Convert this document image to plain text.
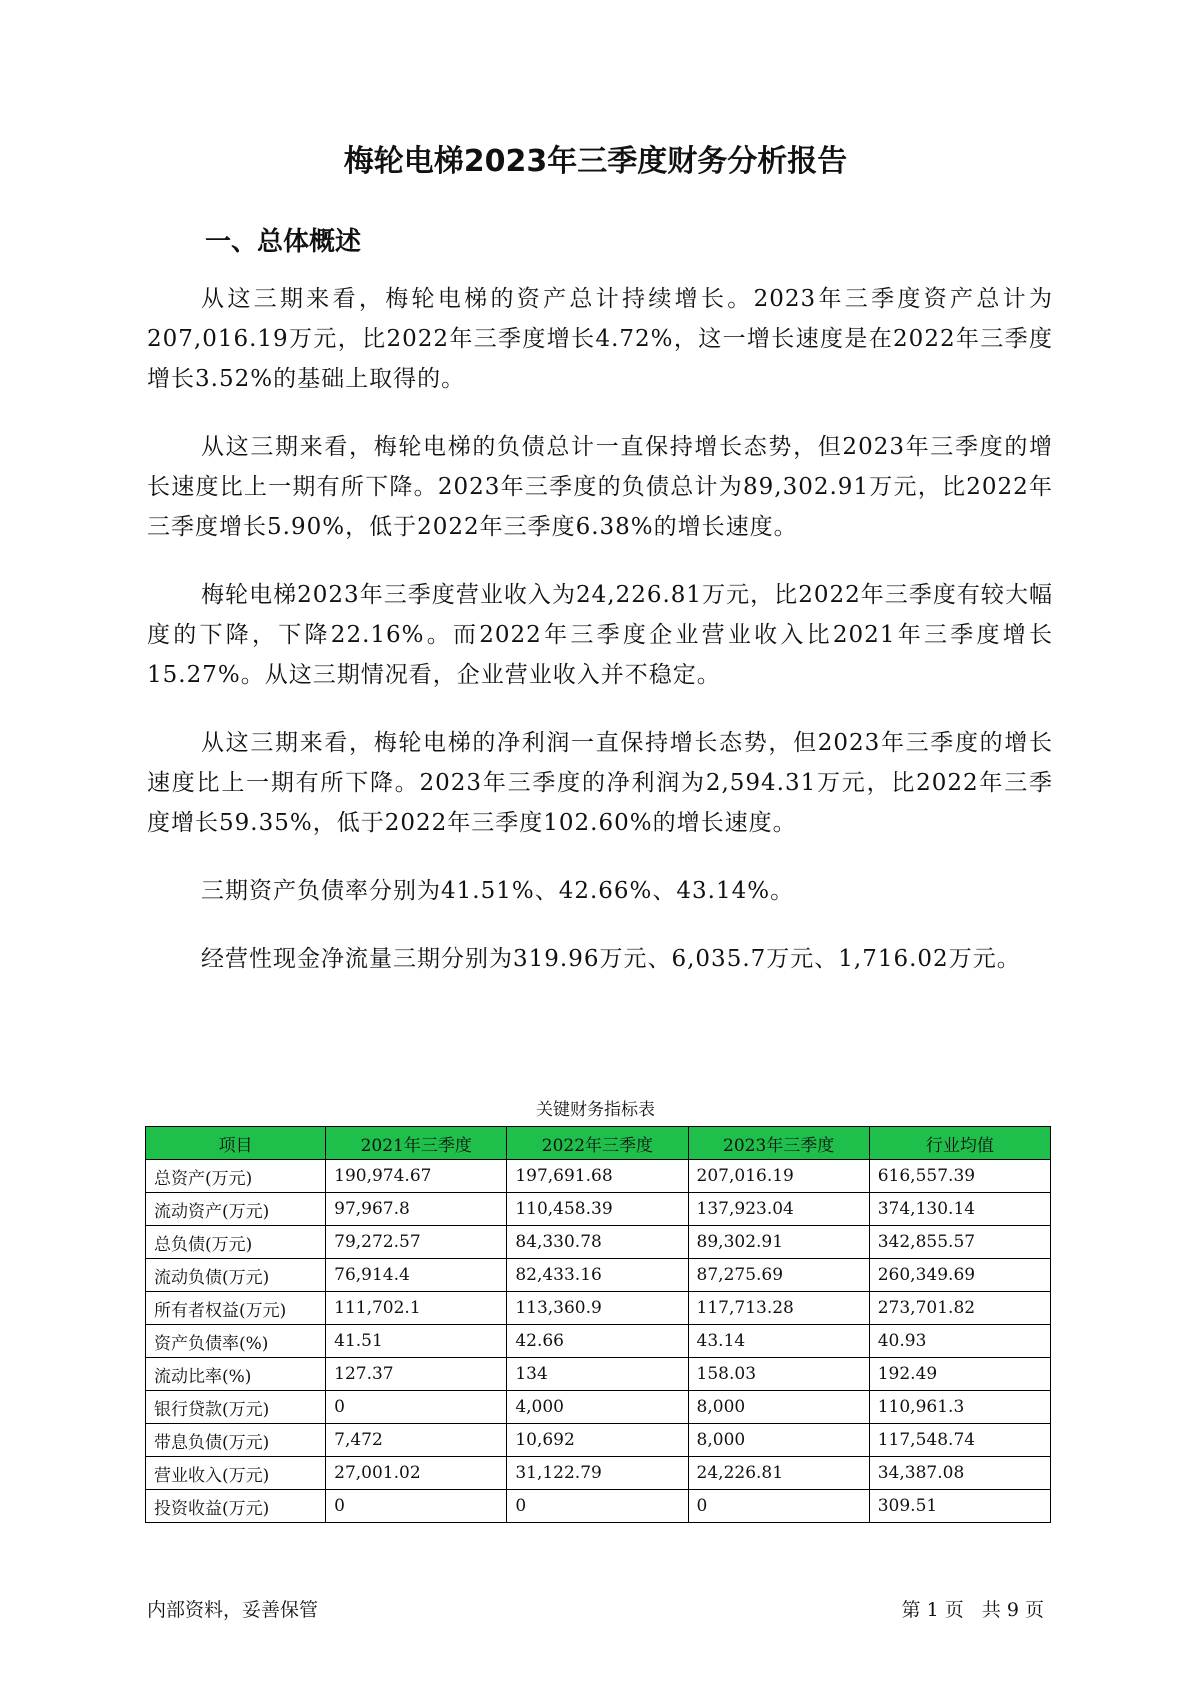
梅轮电梯2023年三季度财务分析报告
一、总体概述

从这三期来看，梅轮电梯的资产总计持续增长。2023年三季度资产总计为207,016.19万元，比2022年三季度增长4.72%，这一增长速度是在2022年三季度增长3.52%的基础上取得的。

从这三期来看，梅轮电梯的负债总计一直保持增长态势，但2023年三季度的增长速度比上一期有所下降。2023年三季度的负债总计为89,302.91万元，比2022年三季度增长5.90%，低于2022年三季度6.38%的增长速度。

梅轮电梯2023年三季度营业收入为24,226.81万元，比2022年三季度有较大幅度的下降，下降22.16%。而2022年三季度企业营业收入比2021年三季度增长15.27%。从这三期情况看，企业营业收入并不稳定。

从这三期来看，梅轮电梯的净利润一直保持增长态势，但2023年三季度的增长速度比上一期有所下降。2023年三季度的净利润为2,594.31万元，比2022年三季度增长59.35%，低于2022年三季度102.60%的增长速度。

三期资产负债率分别为41.51%、42.66%、43.14%。

经营性现金净流量三期分别为319.96万元、6,035.7万元、1,716.02万元。

关键财务指标表

项目	2021年三季度	2022年三季度	2023年三季度	行业均值
总资产(万元)	190,974.67	197,691.68	207,016.19	616,557.39
流动资产(万元)	97,967.8	110,458.39	137,923.04	374,130.14
总负债(万元)	79,272.57	84,330.78	89,302.91	342,855.57
流动负债(万元)	76,914.4	82,433.16	87,275.69	260,349.69
所有者权益(万元)	111,702.1	113,360.9	117,713.28	273,701.82
资产负债率(%)	41.51	42.66	43.14	40.93
流动比率(%)	127.37	134	158.03	192.49
银行贷款(万元)	0	4,000	8,000	110,961.3
带息负债(万元)	7,472	10,692	8,000	117,548.74
营业收入(万元)	27,001.02	31,122.79	24,226.81	34,387.08
投资收益(万元)	0	0	0	309.51

内部资料，妥善保管	第 1 页   共 9 页
